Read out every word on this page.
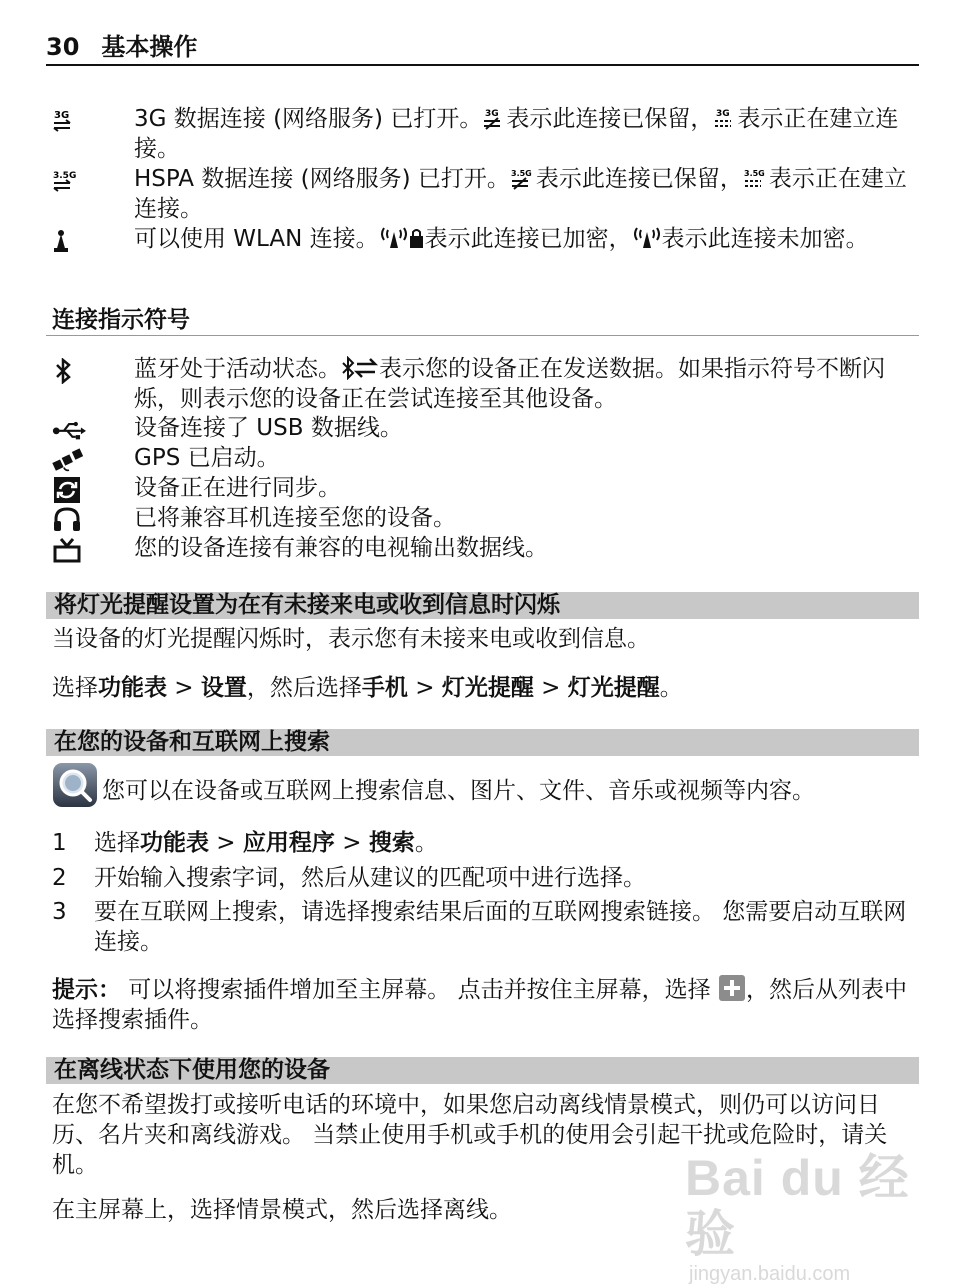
30 基本操作
3G	3G 数据连接 (网络服务) 已打开。 3G 表示此连接已保留， 3G 表示正在建立连接。
3.5G	HSPA 数据连接 (网络服务) 已打开。 3.5G 表示此连接已保留， 3.5G 表示正在建立连接。
可以使用 WLAN 连接。 表示此连接已加密， 表示此连接未加密。
连接指示符号
蓝牙处于活动状态。 表示您的设备正在发送数据。如果指示符号不断闪烁，则表示您的设备正在尝试连接至其他设备。
设备连接了 USB 数据线。
GPS 已启动。
设备正在进行同步。
已将兼容耳机连接至您的设备。
您的设备连接有兼容的电视输出数据线。
将灯光提醒设置为在有未接来电或收到信息时闪烁
当设备的灯光提醒闪烁时，表示您有未接来电或收到信息。
选择功能表 > 设置，然后选择手机 > 灯光提醒 > 灯光提醒。
在您的设备和互联网上搜索
您可以在设备或互联网上搜索信息、图片、文件、音乐或视频等内容。
1 选择功能表 > 应用程序 > 搜索。
2 开始输入搜索字词，然后从建议的匹配项中进行选择。
3 要在互联网上搜索，请选择搜索结果后面的互联网搜索链接。 您需要启动互联网连接。
提示： 可以将搜索插件增加至主屏幕。 点击并按住主屏幕，选择 ，然后从列表中选择搜索插件。
在离线状态下使用您的设备
在您不希望拨打或接听电话的环境中，如果您启动离线情景模式，则仍可以访问日历、名片夹和离线游戏。 当禁止使用手机或手机的使用会引起干扰或危险时，请关机。
在主屏幕上，选择情景模式，然后选择离线。
Bai du 经验
jingyan.baidu.com
